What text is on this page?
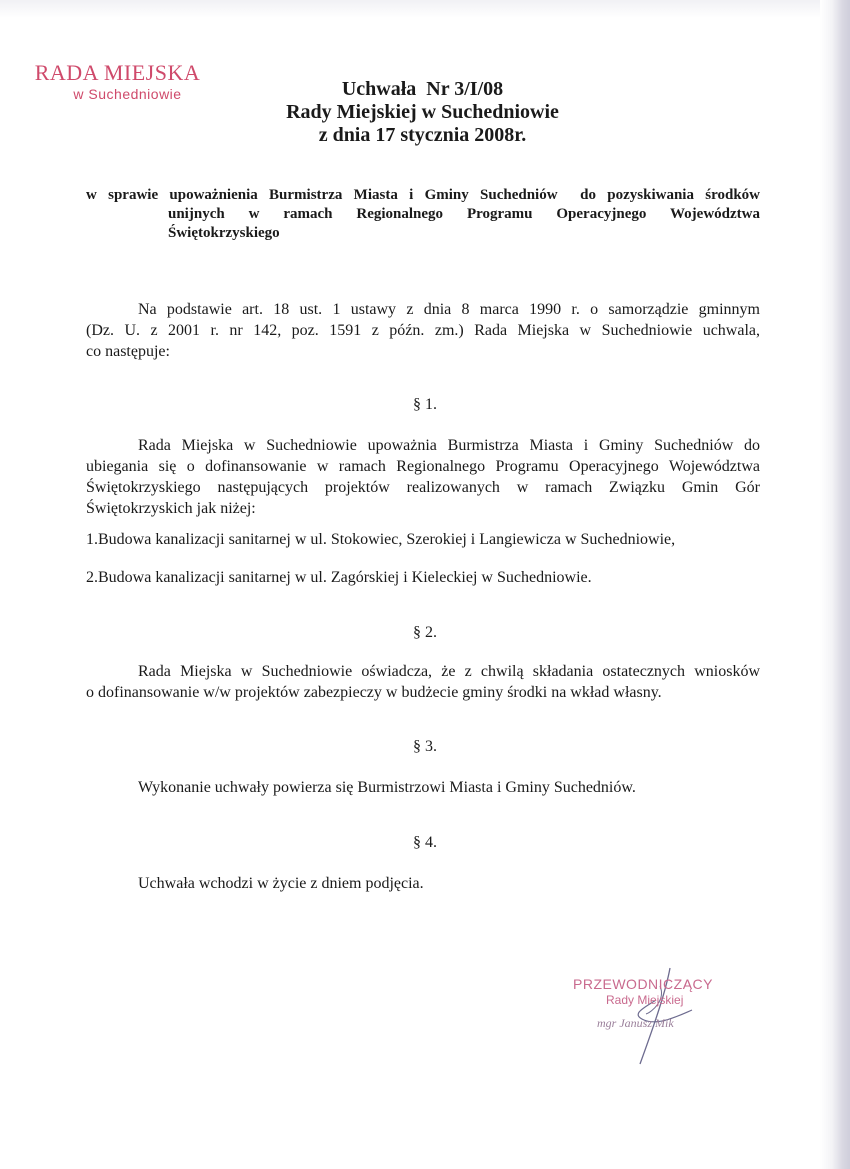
RADA MIEJSKA
w Suchedniowie	Uchwała  Nr 3/I/08
Rady Miejskiej w Suchedniowie
z dnia 17 stycznia 2008r.
w sprawie upoważnienia Burmistrza Miasta i Gminy Suchedniów  do pozyskiwania środków
unijnych w ramach Regionalnego Programu Operacyjnego Województwa
Świętokrzyskiego
Na podstawie art. 18 ust. 1 ustawy z dnia 8 marca 1990 r. o samorządzie gminnym
(Dz. U. z 2001 r. nr 142, poz. 1591 z późn. zm.) Rada Miejska w Suchedniowie uchwala,
co następuje:
§ 1.
Rada Miejska w Suchedniowie upoważnia Burmistrza Miasta i Gminy Suchedniów do
ubiegania się o dofinansowanie w ramach Regionalnego Programu Operacyjnego Województwa
Świętokrzyskiego następujących projektów realizowanych w ramach Związku Gmin Gór
Świętokrzyskich jak niżej:
1.Budowa kanalizacji sanitarnej w ul. Stokowiec, Szerokiej i Langiewicza w Suchedniowie,
2.Budowa kanalizacji sanitarnej w ul. Zagórskiej i Kieleckiej w Suchedniowie.
§ 2.
Rada Miejska w Suchedniowie oświadcza, że z chwilą składania ostatecznych wniosków
o dofinansowanie w/w projektów zabezpieczy w budżecie gminy środki na wkład własny.
§ 3.
Wykonanie uchwały powierza się Burmistrzowi Miasta i Gminy Suchedniów.
§ 4.
Uchwała wchodzi w życie z dniem podjęcia.
PRZEWODNICZĄCY
Rady Miejskiej
mgr Janusz Mik
